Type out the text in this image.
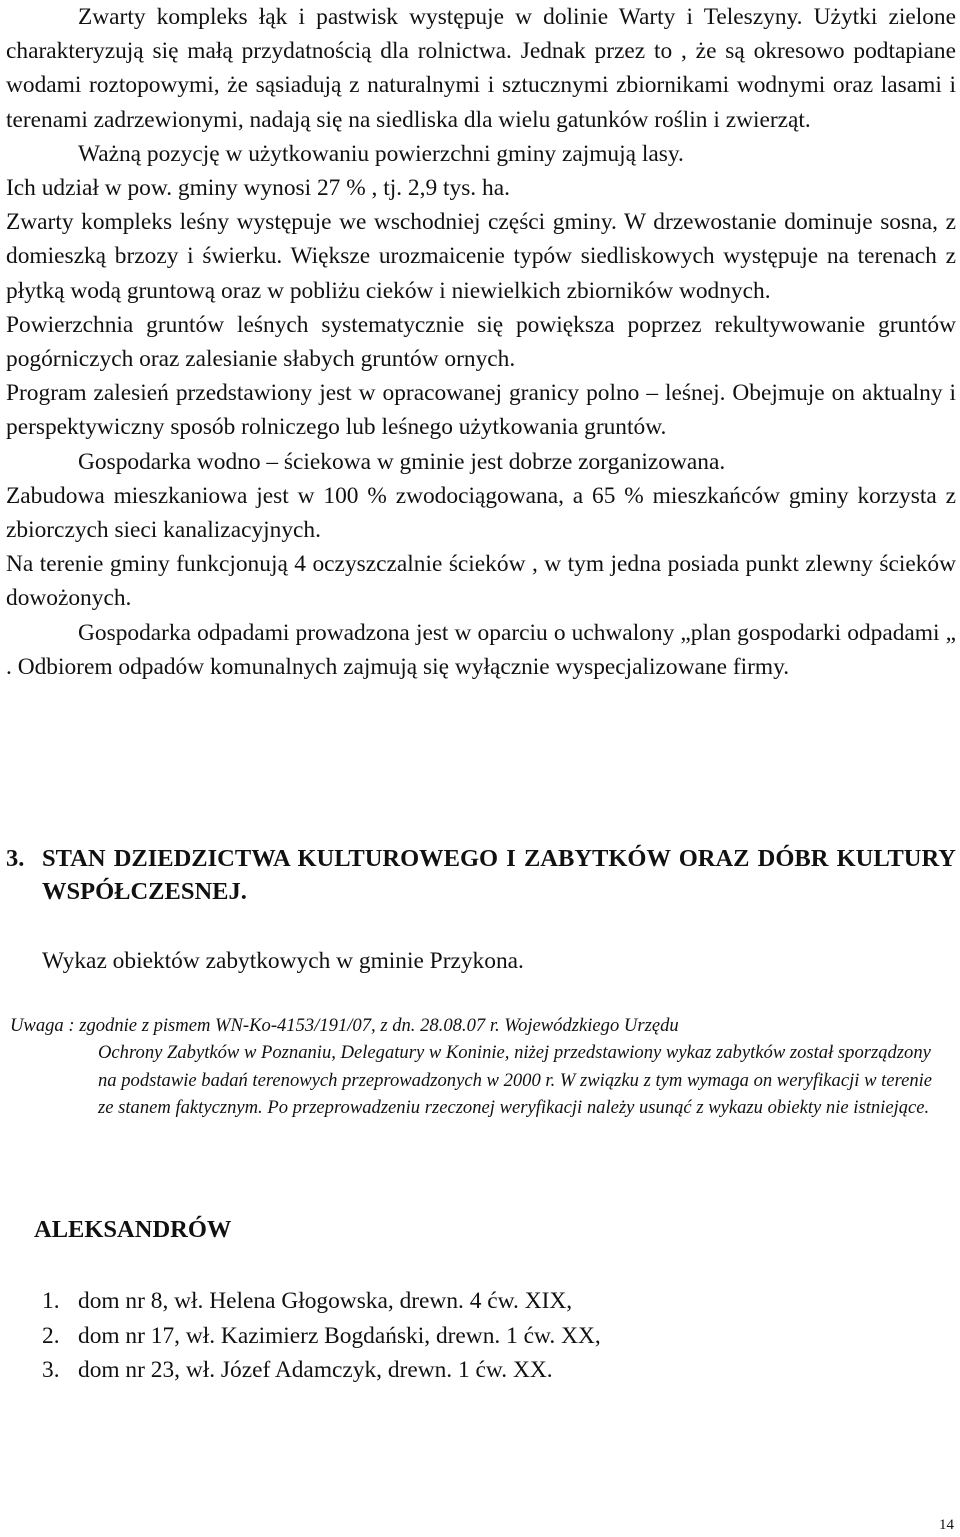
Zwarty kompleks łąk i pastwisk występuje w dolinie Warty i Teleszyny. Użytki zielone charakteryzują się małą przydatnością dla rolnictwa. Jednak przez to , że są okresowo podtapiane wodami roztopowymi, że sąsiadują z naturalnymi i sztucznymi zbiornikami wodnymi oraz lasami i terenami zadrzewionymi, nadają się na siedliska dla wielu gatunków roślin i zwierząt.

Ważną pozycję w użytkowaniu powierzchni gminy zajmują lasy.

Ich udział w pow. gminy wynosi 27 % , tj. 2,9 tys. ha.

Zwarty kompleks leśny występuje we wschodniej części gminy. W drzewostanie dominuje sosna, z domieszką brzozy i świerku. Większe urozmaicenie typów siedliskowych występuje na terenach z płytką wodą gruntową oraz w pobliżu cieków i niewielkich zbiorników wodnych.

Powierzchnia gruntów leśnych systematycznie się powiększa poprzez rekultywowanie gruntów pogórniczych oraz zalesianie słabych gruntów ornych.

Program zalesień przedstawiony jest w opracowanej granicy polno – leśnej. Obejmuje on aktualny i perspektywiczny sposób rolniczego lub leśnego użytkowania gruntów.

Gospodarka wodno – ściekowa w gminie jest dobrze zorganizowana.

Zabudowa mieszkaniowa jest w 100 % zwodociągowana, a 65 % mieszkańców gminy korzysta z zbiorczych sieci kanalizacyjnych.

Na terenie gminy funkcjonują 4 oczyszczalnie ścieków , w tym jedna posiada punkt zlewny ścieków dowożonych.

Gospodarka odpadami prowadzona jest w oparciu o uchwalony „plan gospodarki odpadami „ . Odbiorem odpadów komunalnych zajmują się wyłącznie wyspecjalizowane firmy.

3. STAN DZIEDZICTWA KULTUROWEGO I ZABYTKÓW ORAZ DÓBR KULTURY WSPÓŁCZESNEJ.
Wykaz obiektów zabytkowych w gminie Przykona.

Uwaga : zgodnie z pismem WN-Ko-4153/191/07, z dn. 28.08.07 r. Wojewódzkiego Urzędu

Ochrony Zabytków w Poznaniu, Delegatury w Koninie, niżej przedstawiony wykaz zabytków został sporządzony na podstawie badań terenowych przeprowadzonych w 2000 r. W związku z tym wymaga on weryfikacji w terenie ze stanem faktycznym. Po przeprowadzeniu rzeczonej weryfikacji należy usunąć z wykazu obiekty nie istniejące.

ALEKSANDRÓW
1. dom nr 8, wł. Helena Głogowska, drewn. 4 ćw. XIX,
2. dom nr 17, wł. Kazimierz Bogdański, drewn. 1 ćw. XX,
3. dom nr 23, wł. Józef Adamczyk, drewn. 1 ćw. XX.
14
